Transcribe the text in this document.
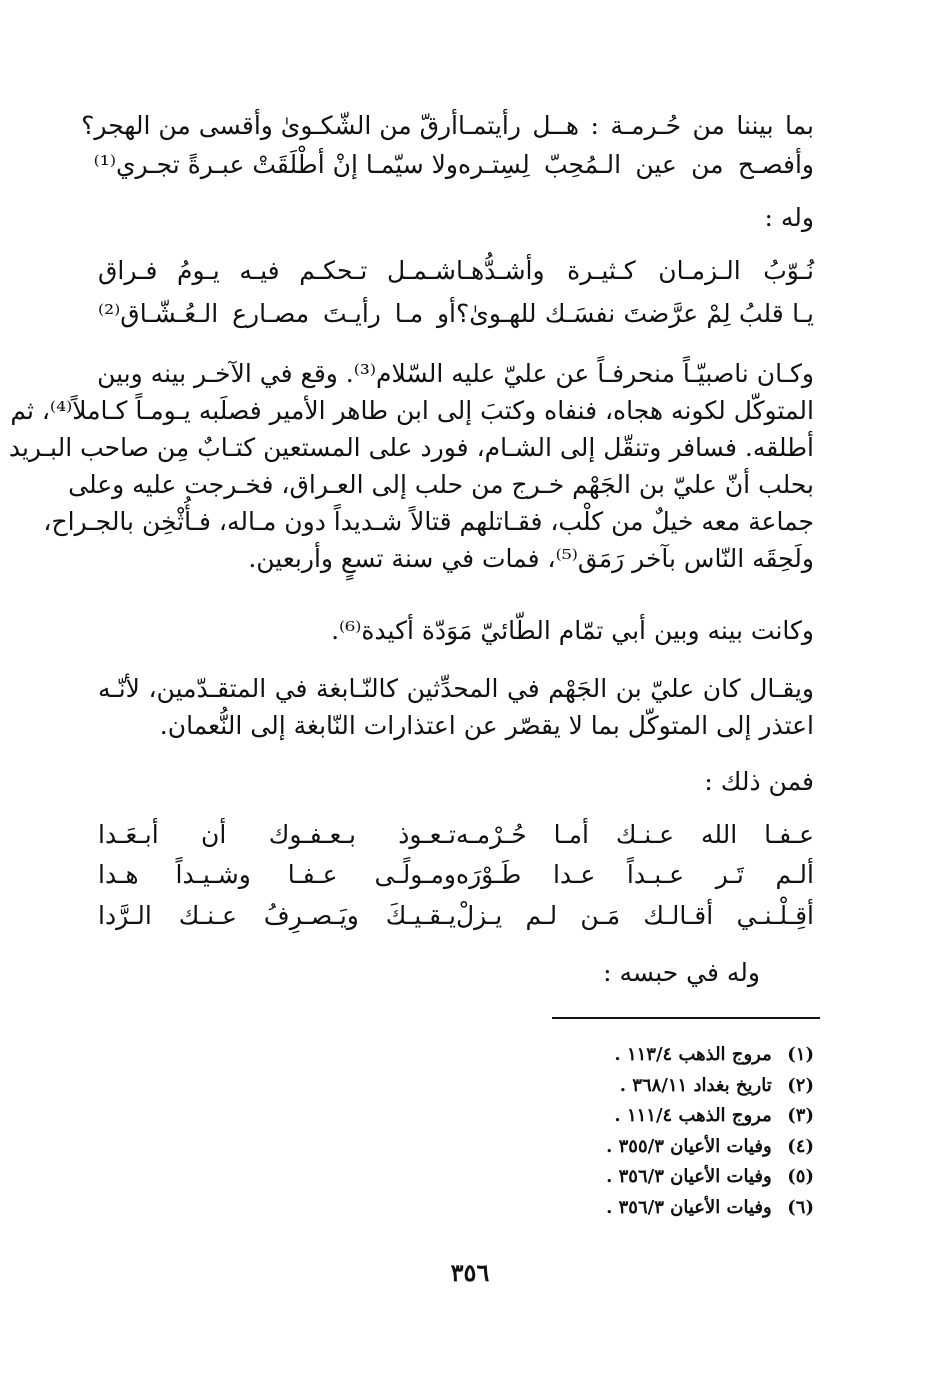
بما بيننا من حُـرمـة : هــل رأيتمـا
أرقّ من الشّكـوىٰ وأقسى من الهجر؟
وأفصـح من عين الـمُحِبّ لِسِتـره
ولا سيّمـا إنْ أطْلَقَتْ عبـرةً تجـري⁽¹⁾
وله :
نُـوّبُ الـزمـان كـثيـرة وأشـدُّهـا
شـمـل تـحكـم فيـه يـومُ فـراق
يـا قلبُ لِمْ عرَّضتَ نفسَـك للهـوىٰ؟
أو مـا رأيـتَ مصـارع الـعُـشّـاق⁽²⁾
وكـان ناصبيّـاً منحرفـاً عن عليّ عليه السّلام⁽³⁾. وقع في الآخـر بينه وبين
المتوكّل لكونه هجاه، فنفاه وكتبَ إلى ابن طاهر الأمير فصلَبه يـومـاً كـاملاً⁽⁴⁾، ثم
أطلقه. فسافر وتنقّل إلى الشـام، فورد على المستعين كتـابٌ مِن صاحب البـريد
بحلب أنّ عليّ بن الجَهْم خـرج من حلب إلى العـراق، فخـرجت عليه وعلى
جماعة معه خيلٌ من كلْب، فقـاتلهم قتالاً شـديداً دون مـاله، فـأُثْخِن بالجـراح،
ولَحِقَه النّاس بآخر رَمَق⁽⁵⁾، فمات في سنة تسعٍ وأربعين.
وكانت بينه وبين أبي تمّام الطّائيّ مَوَدّة أكيدة⁽⁶⁾.
ويقـال كان عليّ بن الجَهْم في المحدِّثين كالنّـابغة في المتقـدّمين، لأنّـه
اعتذر إلى المتوكّل بما لا يقصّر عن اعتذارات النّابغة إلى النُّعمان.
فمن ذلك :
عـفـا الله عـنـك أمـا حُـرْمـه
تـعـوذ بـعـفـوك أن أبـعَـدا
ألـم تَـر عـبـداً عـدا طَـوْرَه
ومـولًـى عـفـا وشـيـداً هـدا
أقِـلْـنـي أقـالـك مَـن لـم يـزلْ
يـقـيـكَ ويَـصـرِفُ عـنـك الـرَّدا
وله في حبسه :
(١) مروج الذهب ١١٣/٤ .
(٢) تاريخ بغداد ٣٦٨/١١ .
(٣) مروج الذهب ١١١/٤ .
(٤) وفيات الأعيان ٣٥٥/٣ .
(٥) وفيات الأعيان ٣٥٦/٣ .
(٦) وفيات الأعيان ٣٥٦/٣ .
٣٥٦
